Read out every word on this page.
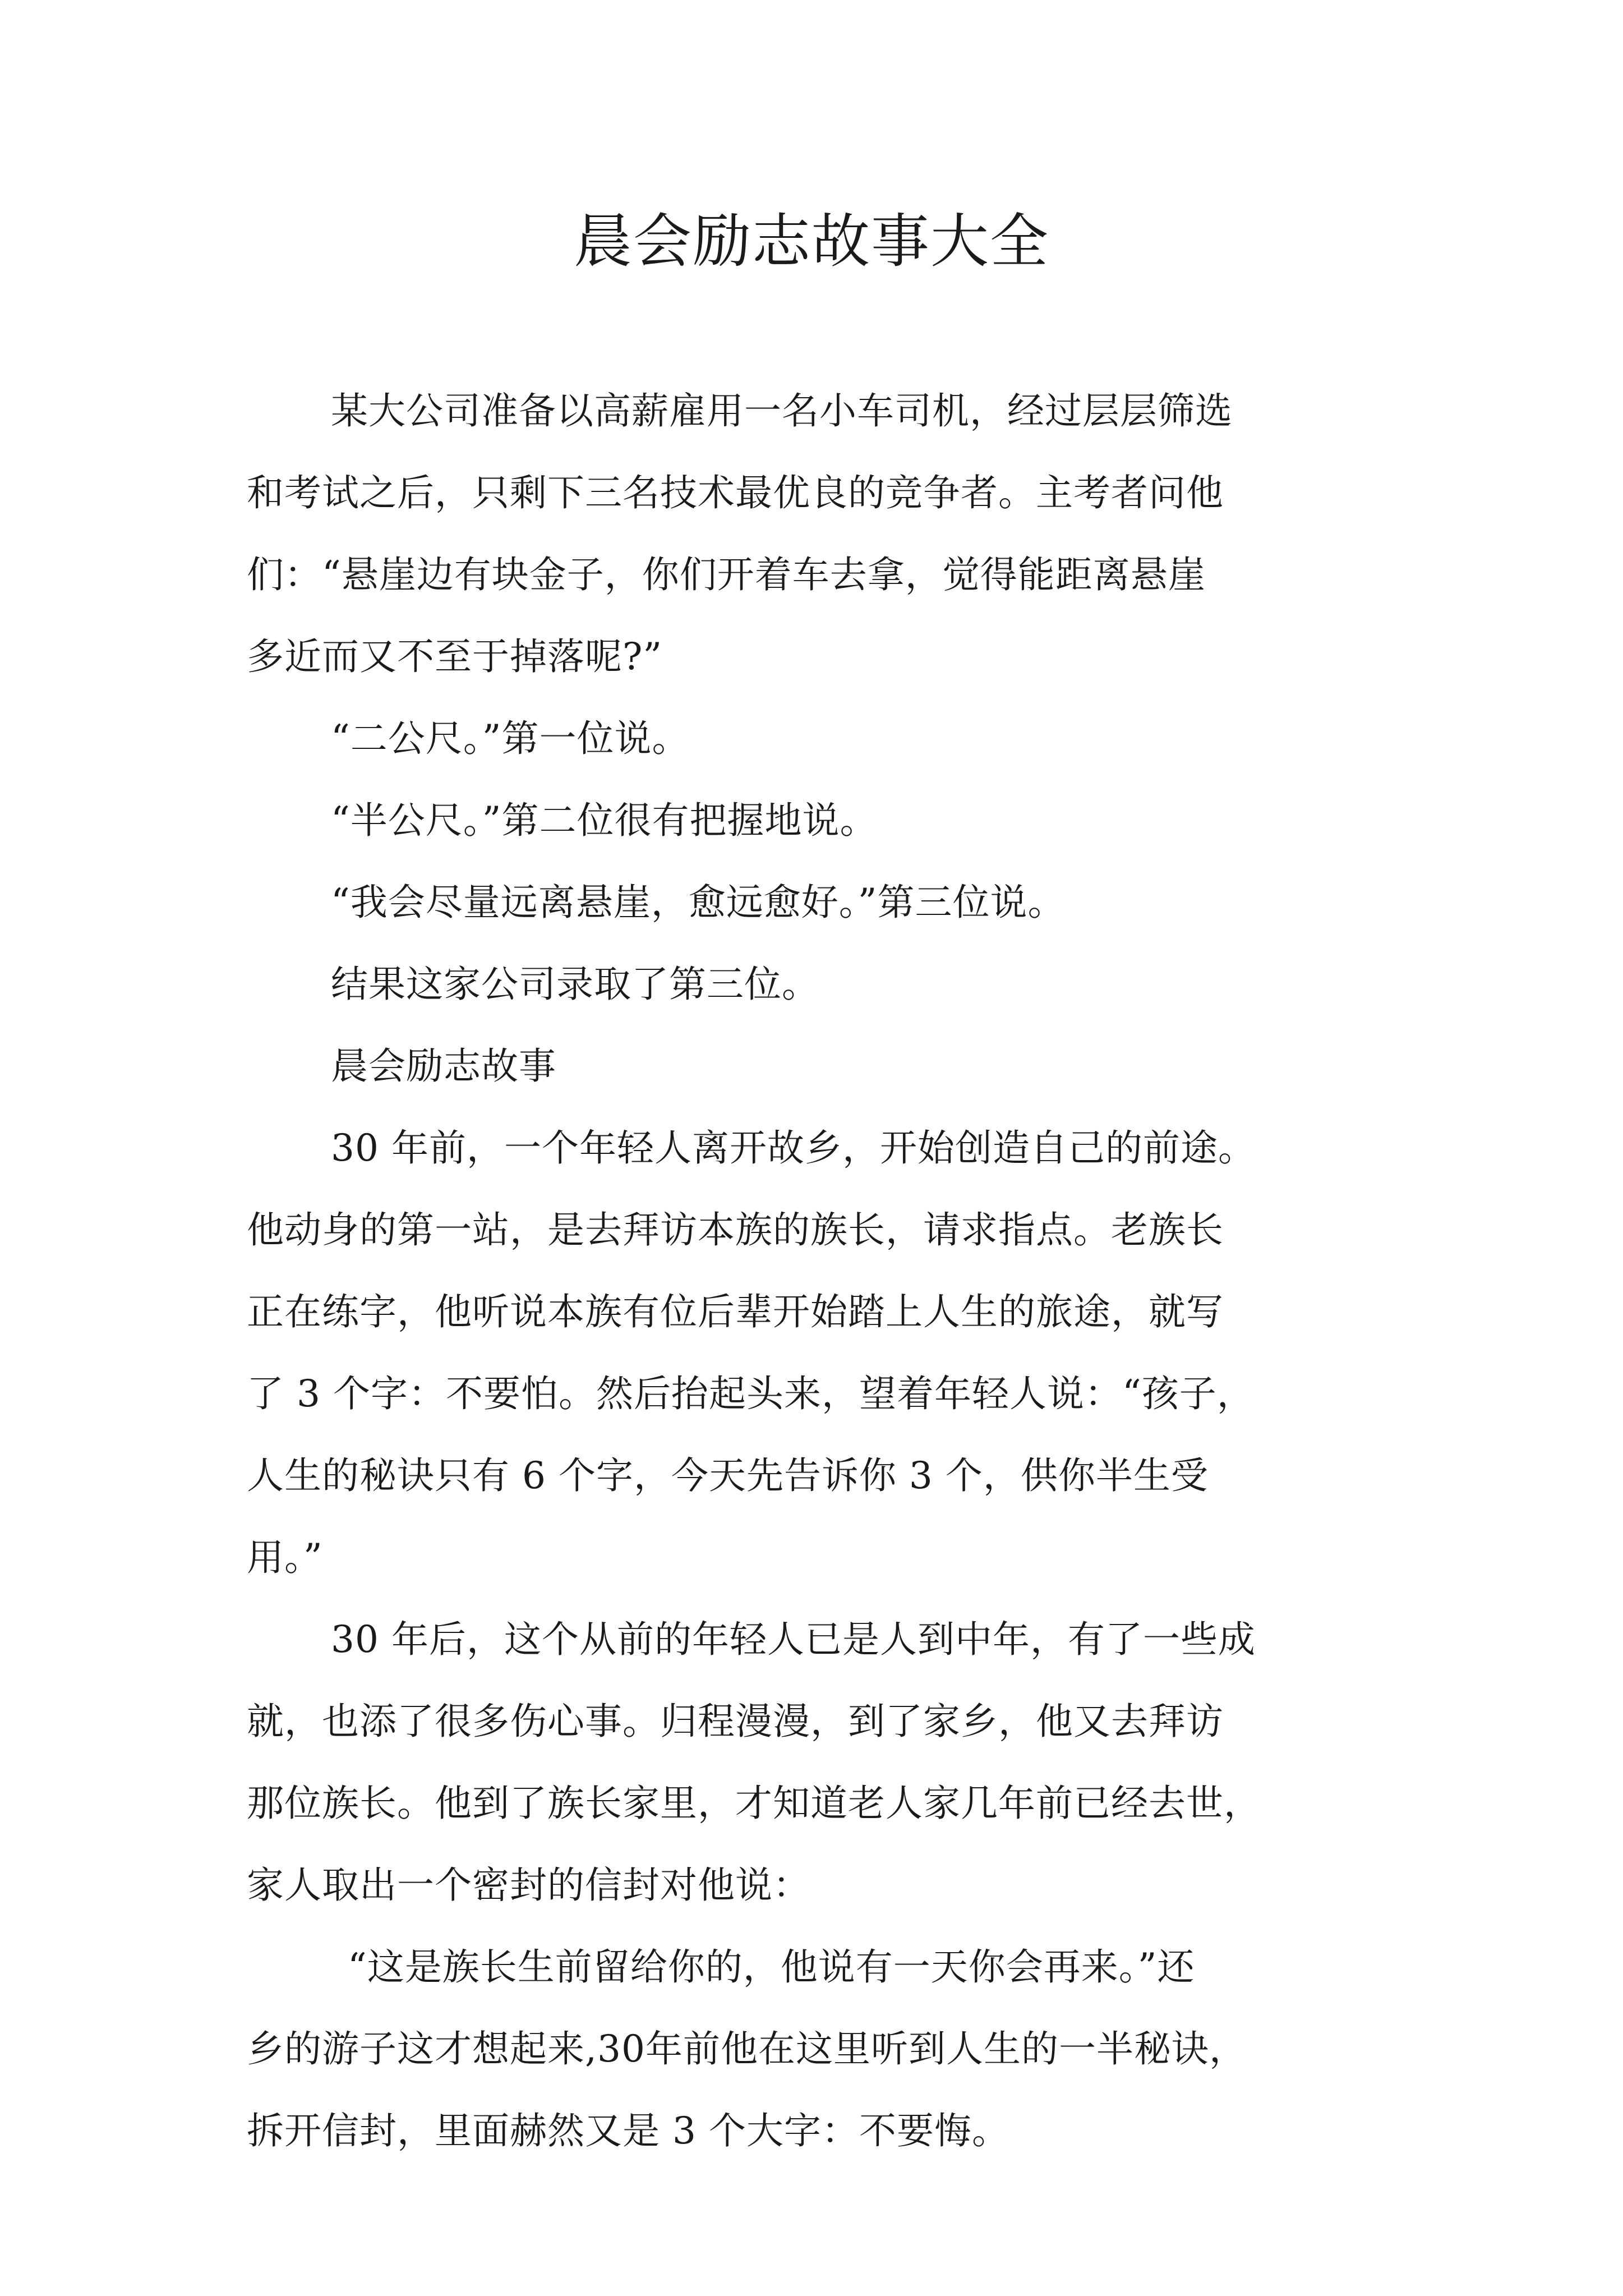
晨会励志故事大全
某大公司准备以高薪雇用一名小车司机，经过层层筛选
和考试之后，只剩下三名技术最优良的竞争者。主考者问他
们：“悬崖边有块金子，你们开着车去拿，觉得能距离悬崖
多近而又不至于掉落呢?”
“二公尺。”第一位说。
“半公尺。”第二位很有把握地说。
“我会尽量远离悬崖，愈远愈好。”第三位说。
结果这家公司录取了第三位。
晨会励志故事
30 年前，一个年轻人离开故乡，开始创造自己的前途。
他动身的第一站，是去拜访本族的族长，请求指点。老族长
正在练字，他听说本族有位后辈开始踏上人生的旅途，就写
了 3 个字：不要怕。然后抬起头来，望着年轻人说：“孩子，
人生的秘诀只有 6 个字，今天先告诉你 3 个，供你半生受
用。”
30 年后，这个从前的年轻人已是人到中年，有了一些成
就，也添了很多伤心事。归程漫漫，到了家乡，他又去拜访
那位族长。他到了族长家里，才知道老人家几年前已经去世，
家人取出一个密封的信封对他说：
“这是族长生前留给你的，他说有一天你会再来。”还
乡的游子这才想起来,30年前他在这里听到人生的一半秘诀，
拆开信封，里面赫然又是 3 个大字：不要悔。
